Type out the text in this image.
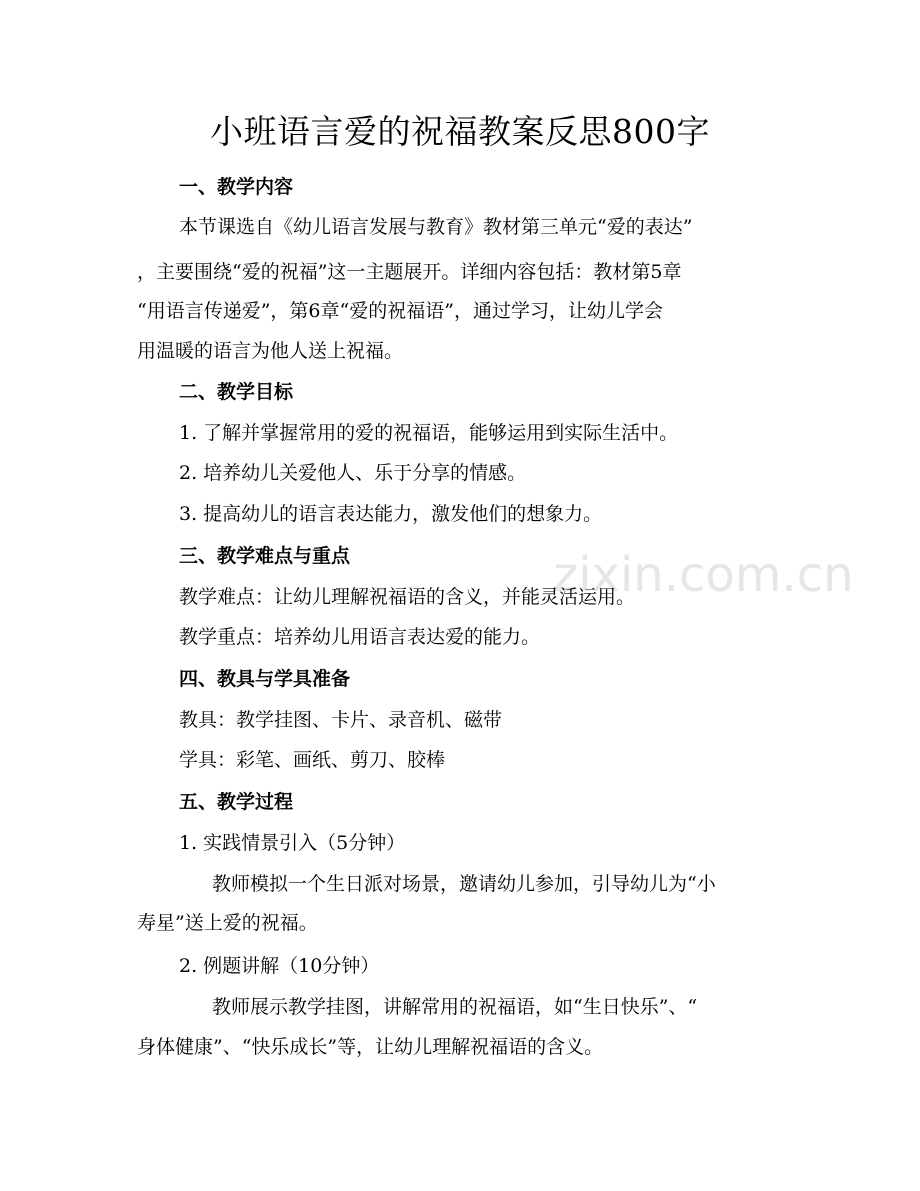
zixin.com.cn
小班语言爱的祝福教案反思800字
一、教学内容
本节课选自《幼儿语言发展与教育》教材第三单元“爱的表达”
，主要围绕“爱的祝福”这一主题展开。详细内容包括：教材第5章
“用语言传递爱”，第6章“爱的祝福语”，通过学习，让幼儿学会
用温暖的语言为他人送上祝福。
二、教学目标
1. 了解并掌握常用的爱的祝福语，能够运用到实际生活中。
2. 培养幼儿关爱他人、乐于分享的情感。
3. 提高幼儿的语言表达能力，激发他们的想象力。
三、教学难点与重点
教学难点：让幼儿理解祝福语的含义，并能灵活运用。
教学重点：培养幼儿用语言表达爱的能力。
四、教具与学具准备
教具：教学挂图、卡片、录音机、磁带
学具：彩笔、画纸、剪刀、胶棒
五、教学过程
1. 实践情景引入（5分钟）
教师模拟一个生日派对场景，邀请幼儿参加，引导幼儿为“小
寿星”送上爱的祝福。
2. 例题讲解（10分钟）
教师展示教学挂图，讲解常用的祝福语，如“生日快乐”、“
身体健康”、“快乐成长”等，让幼儿理解祝福语的含义。
